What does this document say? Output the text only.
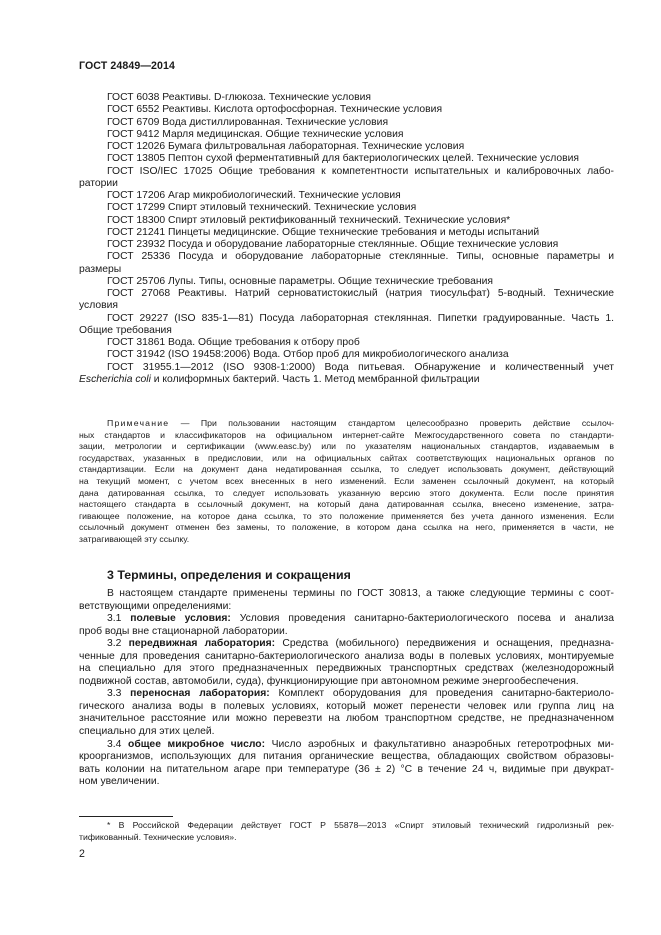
ГОСТ 24849—2014
ГОСТ 6038 Реактивы. D-глюкоза. Технические условия
ГОСТ 6552 Реактивы. Кислота ортофосфорная. Технические условия
ГОСТ 6709 Вода дистиллированная. Технические условия
ГОСТ 9412 Марля медицинская. Общие технические условия
ГОСТ 12026 Бумага фильтровальная лабораторная. Технические условия
ГОСТ 13805 Пептон сухой ферментативный для бактериологических целей. Технические условия
ГОСТ ISO/IEC 17025 Общие требования к компетентности испытательных и калибровочных лабо-
ратории
ГОСТ 17206 Агар микробиологический. Технические условия
ГОСТ 17299 Спирт этиловый технический. Технические условия
ГОСТ 18300 Спирт этиловый ректификованный технический. Технические условия*
ГОСТ 21241 Пинцеты медицинские. Общие технические требования и методы испытаний
ГОСТ 23932 Посуда и оборудование лабораторные стеклянные. Общие технические условия
ГОСТ 25336 Посуда и оборудование лабораторные стеклянные. Типы, основные параметры и
размеры
ГОСТ 25706 Лупы. Типы, основные параметры. Общие технические требования
ГОСТ 27068 Реактивы. Натрий серноватистокислый (натрия тиосульфат) 5-водный. Технические
условия
ГОСТ 29227 (ISO 835-1—81) Посуда лабораторная стеклянная. Пипетки градуированные. Часть 1.
Общие требования
ГОСТ 31861 Вода. Общие требования к отбору проб
ГОСТ 31942 (ISO 19458:2006) Вода. Отбор проб для микробиологического анализа
ГОСТ 31955.1—2012 (ISO 9308-1:2000) Вода питьевая. Обнаружение и количественный учет
Escherichia coli и колиформных бактерий. Часть 1. Метод мембранной фильтрации
Примечание — При пользовании настоящим стандартом целесообразно проверить действие ссылоч-
ных стандартов и классификаторов на официальном интернет-сайте Межгосударственного совета по стандарти-
зации, метрологии и сертификации (www.easc.by) или по указателям национальных стандартов, издаваемым в
государствах, указанных в предисловии, или на официальных сайтах соответствующих национальных органов по
стандартизации. Если на документ дана недатированная ссылка, то следует использовать документ, действующий
на текущий момент, с учетом всех внесенных в него изменений. Если заменен ссылочный документ, на который
дана датированная ссылка, то следует использовать указанную версию этого документа. Если после принятия
настоящего стандарта в ссылочный документ, на который дана датированная ссылка, внесено изменение, затра-
гивающее положение, на которое дана ссылка, то это положение применяется без учета данного изменения. Если
ссылочный документ отменен без замены, то положение, в котором дана ссылка на него, применяется в части, не
затрагивающей эту ссылку.
3 Термины, определения и сокращения
В настоящем стандарте применены термины по ГОСТ 30813, а также следующие термины с соот-
ветствующими определениями:
3.1 полевые условия: Условия проведения санитарно-бактериологического посева и анализа
проб воды вне стационарной лаборатории.
3.2 передвижная лаборатория: Средства (мобильного) передвижения и оснащения, предназна-
ченные для проведения санитарно-бактериологического анализа воды в полевых условиях, монтируемые
на специально для этого предназначенных передвижных транспортных средствах (железнодорожный
подвижной состав, автомобили, суда), функционирующие при автономном режиме энергообеспечения.
3.3 переносная лаборатория: Комплект оборудования для проведения санитарно-бактериоло-
гического анализа воды в полевых условиях, который может перенести человек или группа лиц на
значительное расстояние или можно перевезти на любом транспортном средстве, не предназначенном
специально для этих целей.
3.4 общее микробное число: Число аэробных и факультативно анаэробных гетеротрофных ми-
кроорганизмов, использующих для питания органические вещества, обладающих свойством образовы-
вать колонии на питательном агаре при температуре (36 ± 2) °С в течение 24 ч, видимые при двукрат-
ном увеличении.
* В Российской Федерации действует ГОСТ Р 55878—2013 «Спирт этиловый технический гидролизный рек-
тификованный. Технические условия».
2
